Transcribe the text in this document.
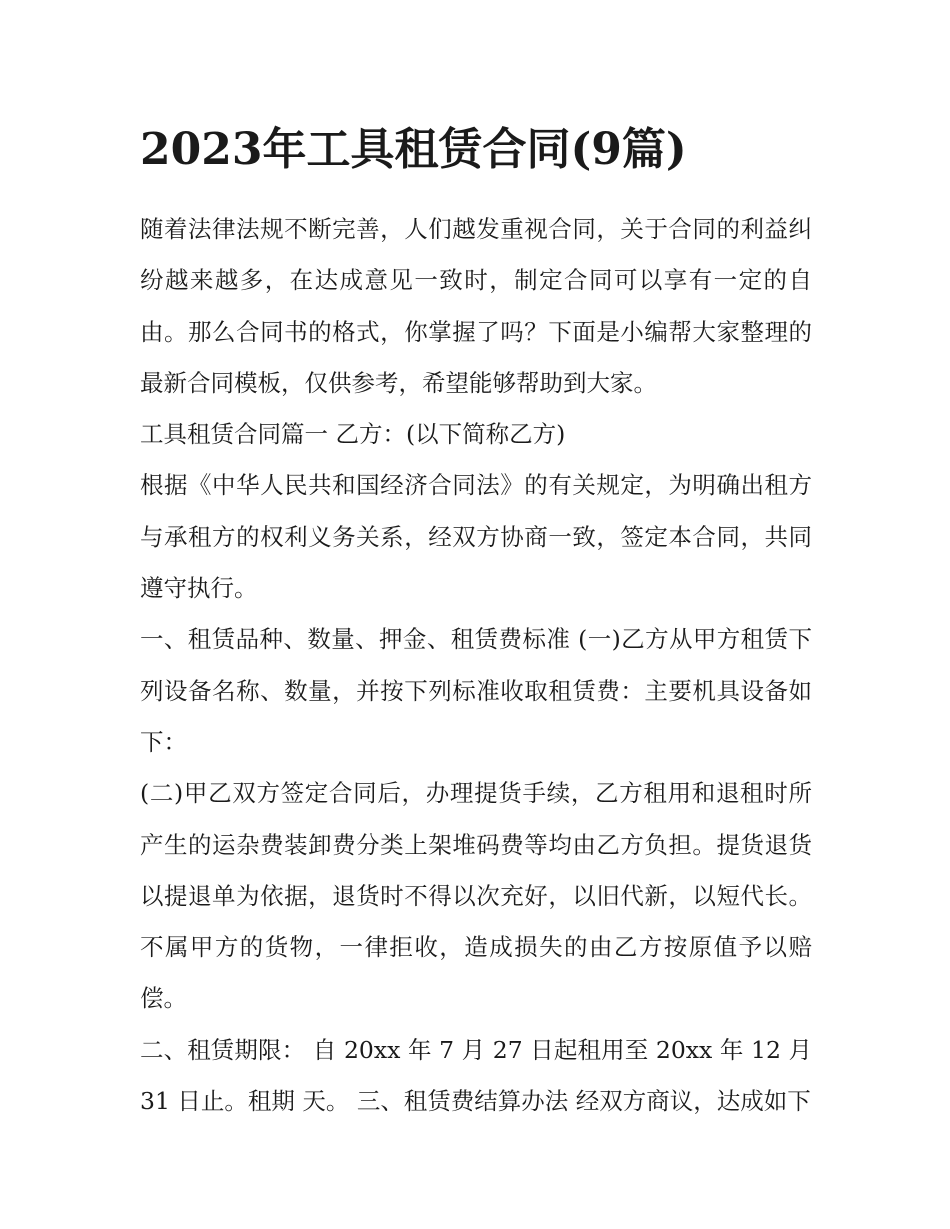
2023年工具租赁合同(9篇)

随着法律法规不断完善，人们越发重视合同，关于合同的利益纠纷越来越多，在达成意见一致时，制定合同可以享有一定的自由。那么合同书的格式，你掌握了吗？下面是小编帮大家整理的最新合同模板，仅供参考，希望能够帮助到大家。

工具租赁合同篇一 乙方：(以下简称乙方)

根据《中华人民共和国经济合同法》的有关规定，为明确出租方与承租方的权利义务关系，经双方协商一致，签定本合同，共同遵守执行。

一、租赁品种、数量、押金、租赁费标准 (一)乙方从甲方租赁下列设备名称、数量，并按下列标准收取租赁费：主要机具设备如下：

(二)甲乙双方签定合同后，办理提货手续，乙方租用和退租时所产生的运杂费装卸费分类上架堆码费等均由乙方负担。提货退货以提退单为依据，退货时不得以次充好，以旧代新，以短代长。不属甲方的货物，一律拒收，造成损失的由乙方按原值予以赔偿。

二、租赁期限： 自 20xx 年 7 月 27 日起租用至 20xx 年 12 月 31 日止。租期 天。 三、租赁费结算办法 经双方商议，达成如下
